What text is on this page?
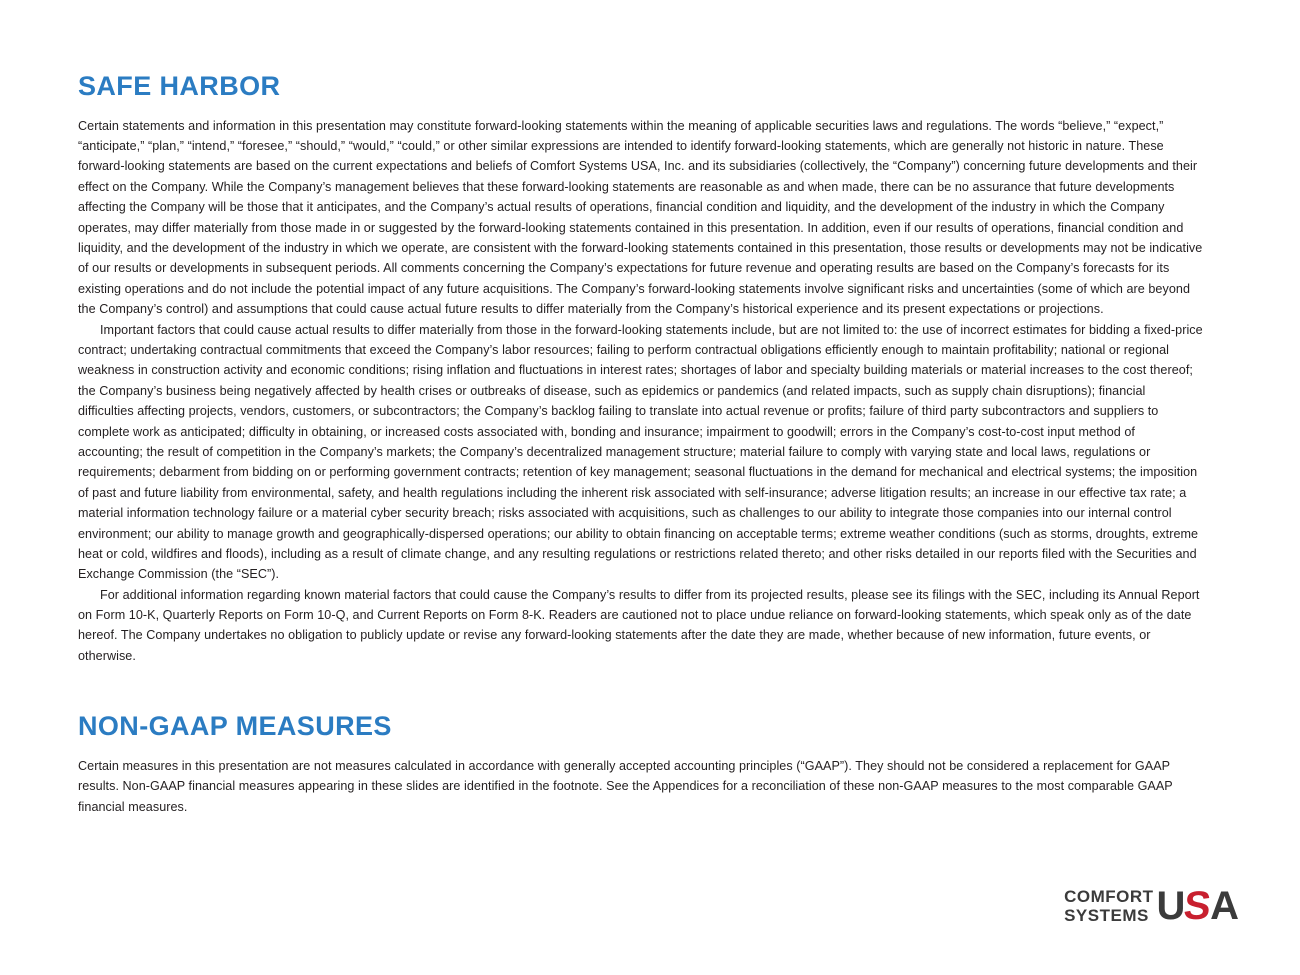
SAFE HARBOR

Certain statements and information in this presentation may constitute forward-looking statements within the meaning of applicable securities laws and regulations. The words “believe,” “expect,” “anticipate,” “plan,” “intend,” “foresee,” “should,” “would,” “could,” or other similar expressions are intended to identify forward-looking statements, which are generally not historic in nature. These forward-looking statements are based on the current expectations and beliefs of Comfort Systems USA, Inc. and its subsidiaries (collectively, the “Company”) concerning future developments and their effect on the Company. While the Company’s management believes that these forward-looking statements are reasonable as and when made, there can be no assurance that future developments affecting the Company will be those that it anticipates, and the Company’s actual results of operations, financial condition and liquidity, and the development of the industry in which the Company operates, may differ materially from those made in or suggested by the forward-looking statements contained in this presentation. In addition, even if our results of operations, financial condition and liquidity, and the development of the industry in which we operate, are consistent with the forward-looking statements contained in this presentation, those results or developments may not be indicative of our results or developments in subsequent periods. All comments concerning the Company’s expectations for future revenue and operating results are based on the Company’s forecasts for its existing operations and do not include the potential impact of any future acquisitions. The Company’s forward-looking statements involve significant risks and uncertainties (some of which are beyond the Company’s control) and assumptions that could cause actual future results to differ materially from the Company’s historical experience and its present expectations or projections.

Important factors that could cause actual results to differ materially from those in the forward-looking statements include, but are not limited to: the use of incorrect estimates for bidding a fixed-price contract; undertaking contractual commitments that exceed the Company’s labor resources; failing to perform contractual obligations efficiently enough to maintain profitability; national or regional weakness in construction activity and economic conditions; rising inflation and fluctuations in interest rates; shortages of labor and specialty building materials or material increases to the cost thereof; the Company’s business being negatively affected by health crises or outbreaks of disease, such as epidemics or pandemics (and related impacts, such as supply chain disruptions); financial difficulties affecting projects, vendors, customers, or subcontractors; the Company’s backlog failing to translate into actual revenue or profits; failure of third party subcontractors and suppliers to complete work as anticipated; difficulty in obtaining, or increased costs associated with, bonding and insurance; impairment to goodwill; errors in the Company’s cost-to-cost input method of accounting; the result of competition in the Company’s markets; the Company’s decentralized management structure; material failure to comply with varying state and local laws, regulations or requirements; debarment from bidding on or performing government contracts; retention of key management; seasonal fluctuations in the demand for mechanical and electrical systems; the imposition of past and future liability from environmental, safety, and health regulations including the inherent risk associated with self-insurance; adverse litigation results; an increase in our effective tax rate; a material information technology failure or a material cyber security breach; risks associated with acquisitions, such as challenges to our ability to integrate those companies into our internal control environment; our ability to manage growth and geographically-dispersed operations; our ability to obtain financing on acceptable terms; extreme weather conditions (such as storms, droughts, extreme heat or cold, wildfires and floods), including as a result of climate change, and any resulting regulations or restrictions related thereto; and other risks detailed in our reports filed with the Securities and Exchange Commission (the “SEC”).

For additional information regarding known material factors that could cause the Company’s results to differ from its projected results, please see its filings with the SEC, including its Annual Report on Form 10-K, Quarterly Reports on Form 10-Q, and Current Reports on Form 8-K. Readers are cautioned not to place undue reliance on forward-looking statements, which speak only as of the date hereof. The Company undertakes no obligation to publicly update or revise any forward-looking statements after the date they are made, whether because of new information, future events, or otherwise.

NON-GAAP MEASURES

Certain measures in this presentation are not measures calculated in accordance with generally accepted accounting principles (“GAAP”). They should not be considered a replacement for GAAP results. Non-GAAP financial measures appearing in these slides are identified in the footnote. See the Appendices for a reconciliation of these non-GAAP measures to the most comparable GAAP financial measures.

COMFORT
SYSTEMS U
S
A
